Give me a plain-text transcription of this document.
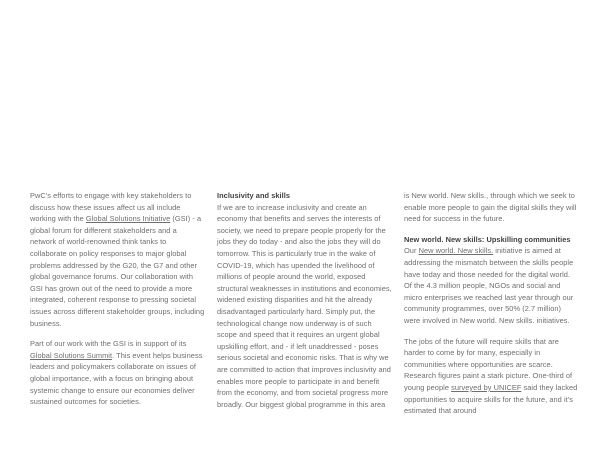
PwC's efforts to engage with key stakeholders to discuss how these issues affect us all include working with the Global Solutions Initiative (GSI) - a global forum for different stakeholders and a network of world-renowned think tanks to collaborate on policy responses to major global problems addressed by the G20, the G7 and other global governance forums. Our collaboration with GSI has grown out of the need to provide a more integrated, coherent response to pressing societal issues across different stakeholder groups, including business.

Part of our work with the GSI is in support of its Global Solutions Summit. This event helps business leaders and policymakers collaborate on issues of global importance, with a focus on bringing about systemic change to ensure our economies deliver sustained outcomes for societies.

Inclusivity and skills

If we are to increase inclusivity and create an economy that benefits and serves the interests of society, we need to prepare people properly for the jobs they do today - and also the jobs they will do tomorrow. This is particularly true in the wake of COVID-19, which has upended the livelihood of millions of people around the world, exposed structural weaknesses in institutions and economies, widened existing disparities and hit the already disadvantaged particularly hard. Simply put, the technological change now underway is of such scope and speed that it requires an urgent global upskilling effort, and - if left unaddressed - poses serious societal and economic risks. That is why we are committed to action that improves inclusivity and enables more people to participate in and benefit from the economy, and from societal progress more broadly. Our biggest global programme in this area

is New world. New skills., through which we seek to enable more people to gain the digital skills they will need for success in the future.

New world. New skills: Upskilling communities

Our New world. New skills. initiative is aimed at addressing the mismatch between the skills people have today and those needed for the digital world. Of the 4.3 million people, NGOs and social and micro enterprises we reached last year through our community programmes, over 50% (2.7 million) were involved in New world. New skills. initiatives.

The jobs of the future will require skills that are harder to come by for many, especially in communities where opportunities are scarce. Research figures paint a stark picture. One-third of young people surveyed by UNICEF said they lacked opportunities to acquire skills for the future, and it's estimated that around
